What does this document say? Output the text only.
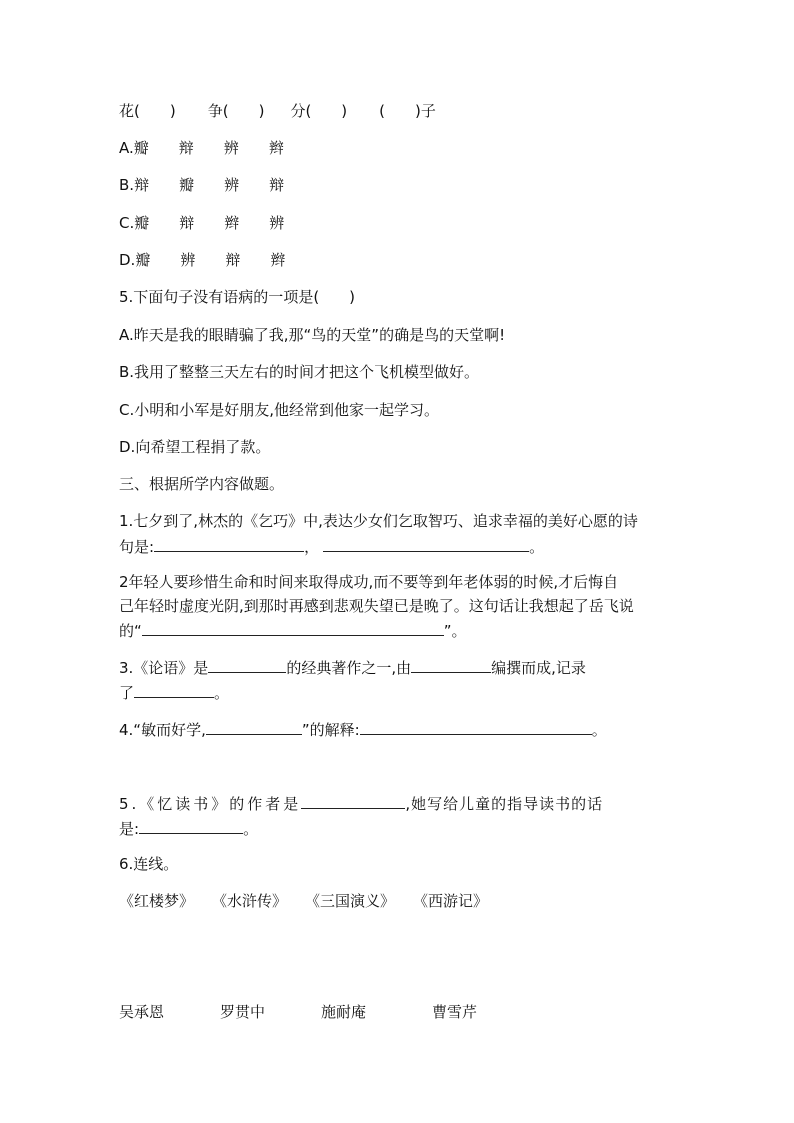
花( ) 争( ) 分( ) ( )子
A.瓣 辩 辨 辫
B.辩 瓣 辨 辩
C.瓣 辩 辫 辨
D.瓣 辨 辩 辫
5.下面句子没有语病的一项是(　　)
A.昨天是我的眼睛骗了我,那“鸟的天堂”的确是鸟的天堂啊!
B.我用了整整三天左右的时间才把这个飞机模型做好。
C.小明和小军是好朋友,他经常到他家一起学习。
D.向希望工程捐了款。
三、根据所学内容做题。
1.七夕到了,林杰的《乞巧》中,表达少女们乞取智巧、追求幸福的美好心愿的诗
句是:	，	。
2年轻人要珍惜生命和时间来取得成功,而不要等到年老体弱的时候,才后悔自
己年轻时虚度光阴,到那时再感到悲观失望已是晚了。这句话让我想起了岳飞说
的“	”。
3.《论语》是	的经典著作之一,由	编撰而成,记录
了	。
4.“敏而好学,	”的解释:	。
5.《忆读书》的作者是	,她写给儿童的指导读书的话
是:	。
6.连线。
《红楼梦》 《水浒传》 《三国演义》 《西游记》
吴承恩	罗贯中	施耐庵	曹雪芹
